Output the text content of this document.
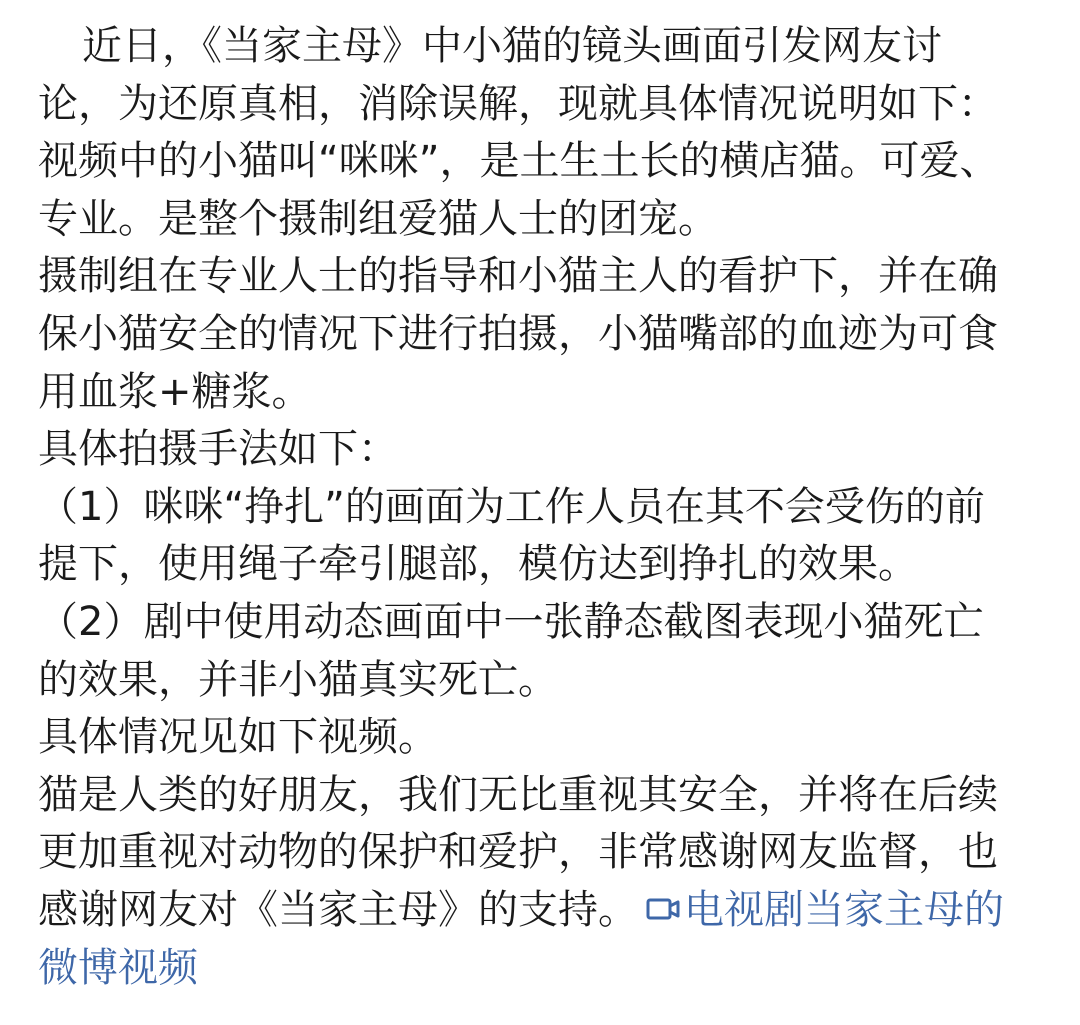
近日，《当家主母》中小猫的镜头画面引发网友讨
论，为还原真相，消除误解，现就具体情况说明如下：
视频中的小猫叫“咪咪”，是土生土长的横店猫。可爱、
专业。是整个摄制组爱猫人士的团宠。
摄制组在专业人士的指导和小猫主人的看护下，并在确
保小猫安全的情况下进行拍摄，小猫嘴部的血迹为可食
用血浆+糖浆。
具体拍摄手法如下：
（1）咪咪“挣扎”的画面为工作人员在其不会受伤的前
提下，使用绳子牵引腿部，模仿达到挣扎的效果。
（2）剧中使用动态画面中一张静态截图表现小猫死亡
的效果，并非小猫真实死亡。
具体情况见如下视频。
猫是人类的好朋友，我们无比重视其安全，并将在后续
更加重视对动物的保护和爱护，非常感谢网友监督，也
感谢网友对《当家主母》的支持。 电视剧当家主母的
微博视频
